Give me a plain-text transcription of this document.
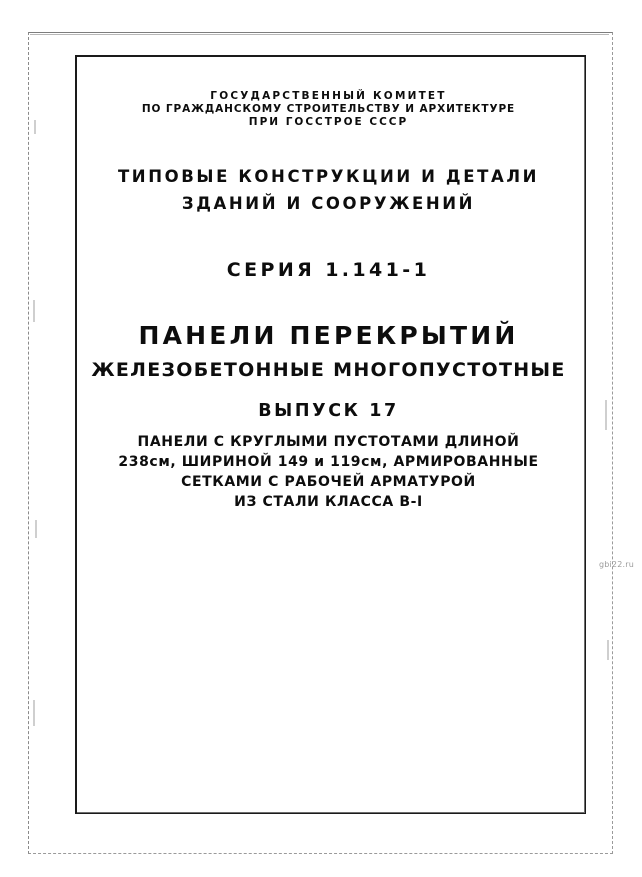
ГОСУДАРСТВЕННЫЙ КОМИТЕТ
ПО ГРАЖДАНСКОМУ СТРОИТЕЛЬСТВУ И АРХИТЕКТУРЕ
ПРИ ГОССТРОЕ СССР
ТИПОВЫЕ КОНСТРУКЦИИ И ДЕТАЛИ
ЗДАНИЙ И СООРУЖЕНИЙ
СЕРИЯ 1.141-1
ПАНЕЛИ ПЕРЕКРЫТИЙ
ЖЕЛЕЗОБЕТОННЫЕ МНОГОПУСТОТНЫЕ
ВЫПУСК 17
ПАНЕЛИ С КРУГЛЫМИ ПУСТОТАМИ ДЛИНОЙ
238см, ШИРИНОЙ 149 и 119см, АРМИРОВАННЫЕ
СЕТКАМИ С РАБОЧЕЙ АРМАТУРОЙ
ИЗ СТАЛИ КЛАССА В-I
gbi22.ru
